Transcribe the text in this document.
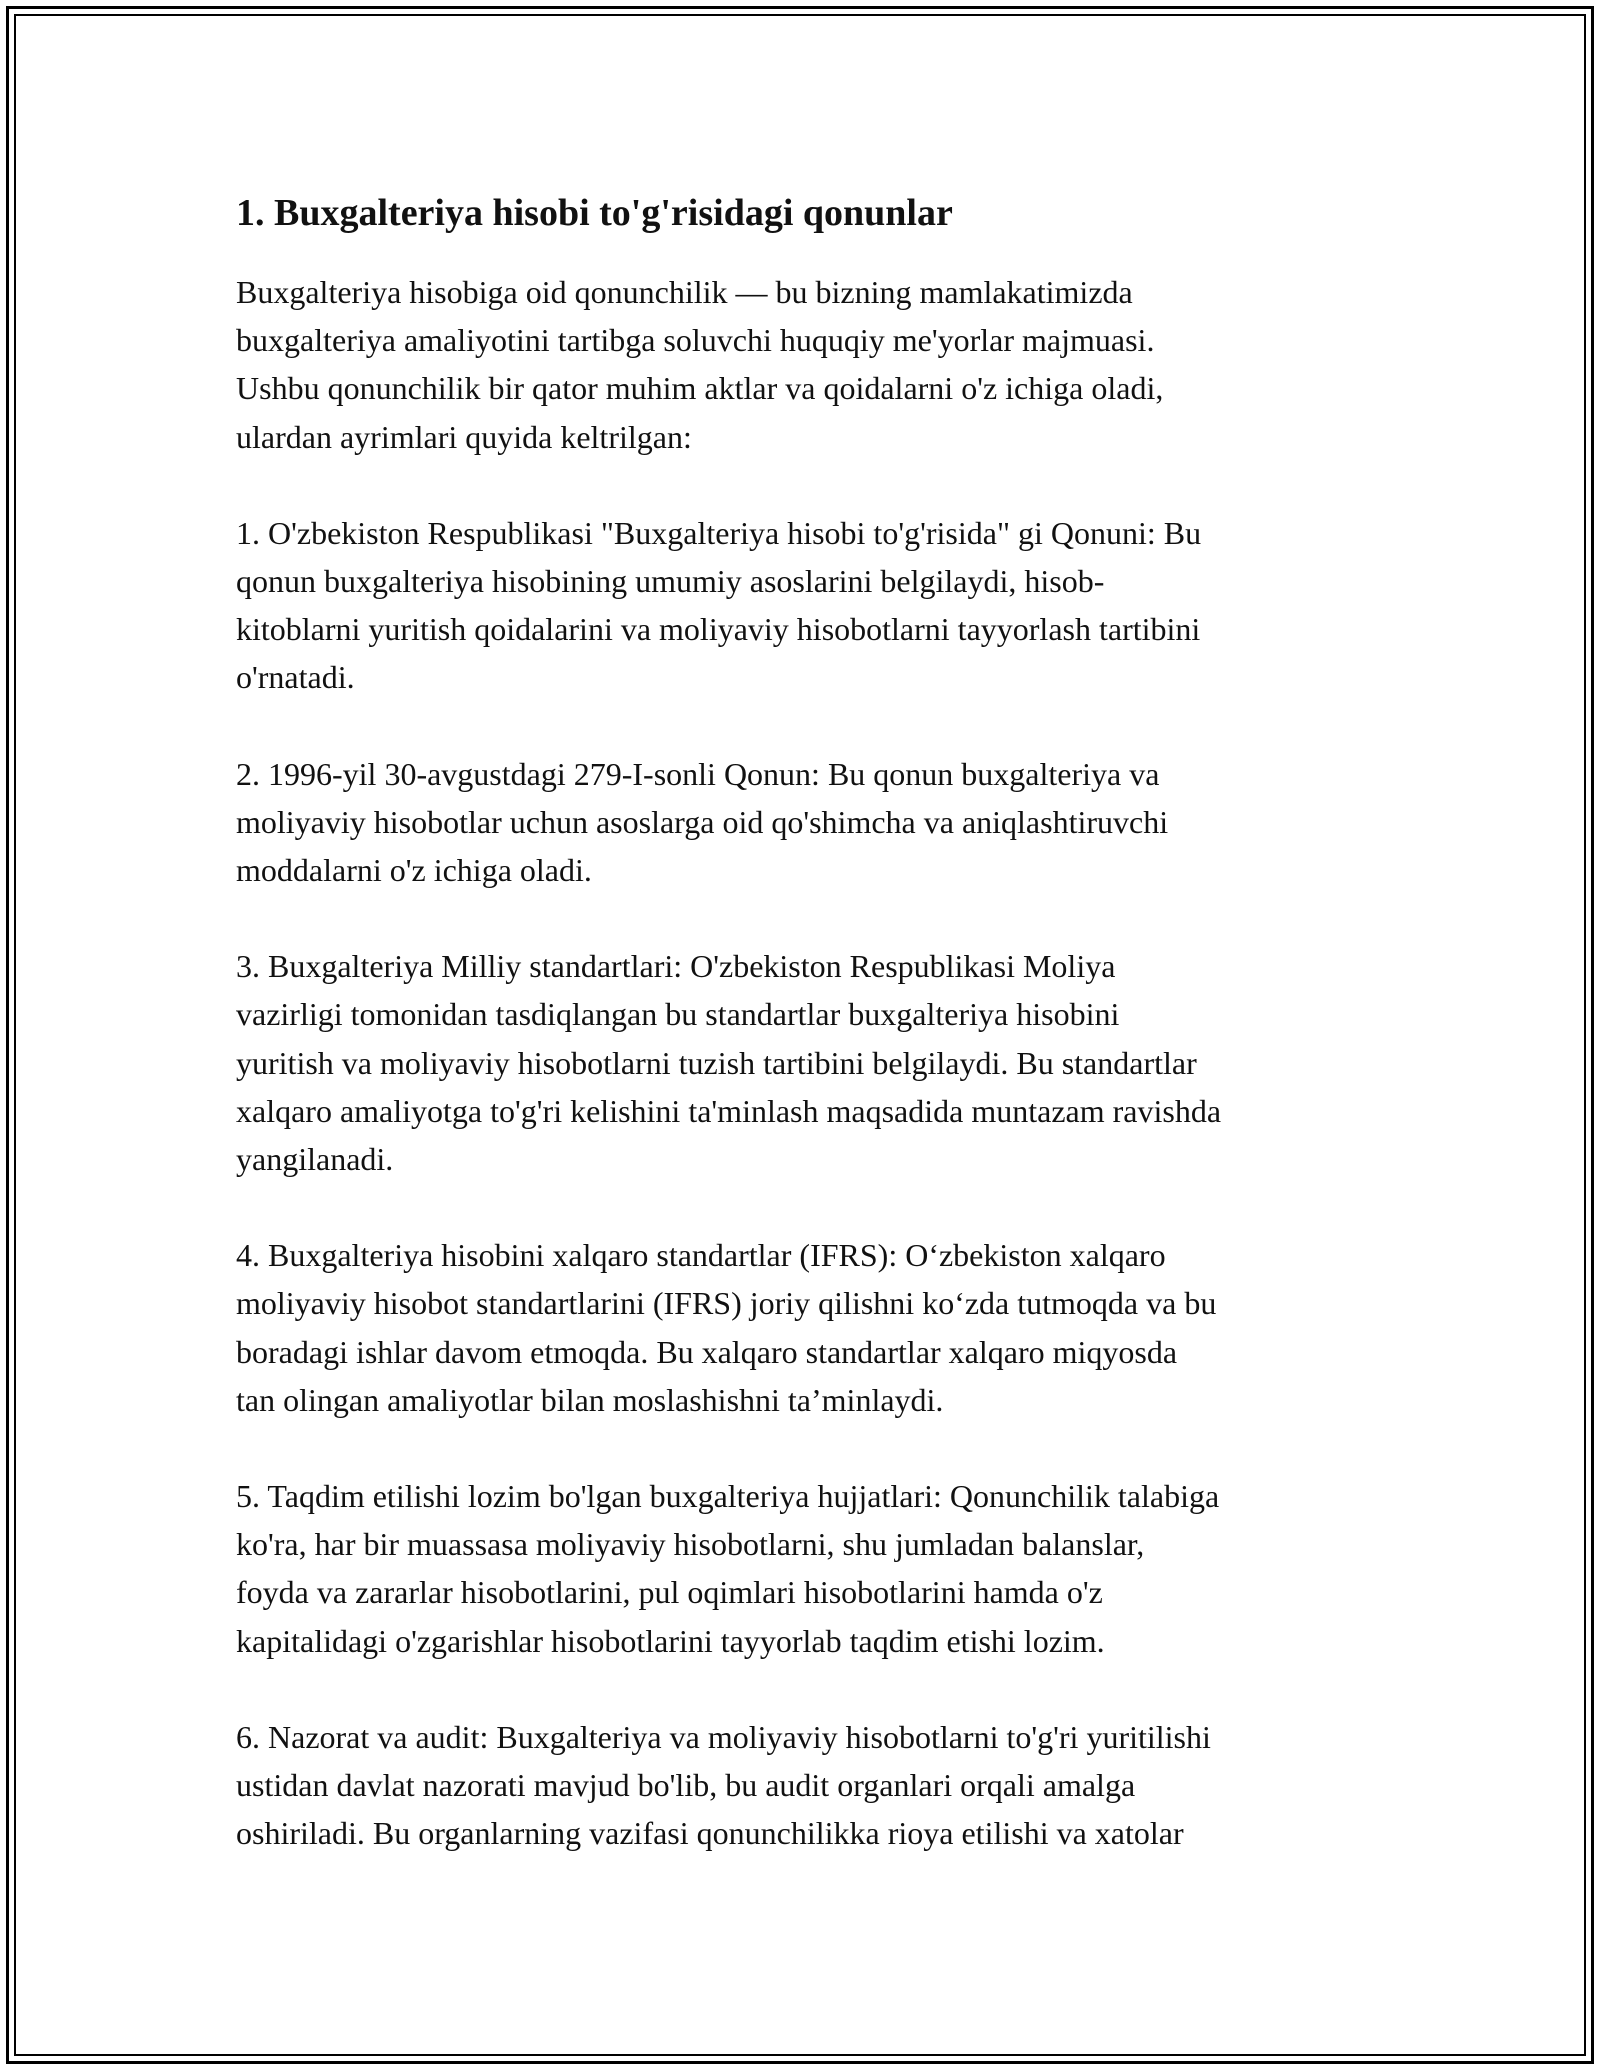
1. Buxgalteriya hisobi to'g'risidagi qonunlar

Buxgalteriya hisobiga oid qonunchilik — bu bizning mamlakatimizda
buxgalteriya amaliyotini tartibga soluvchi huquqiy me'yorlar majmuasi.
Ushbu qonunchilik bir qator muhim aktlar va qoidalarni o'z ichiga oladi,
ulardan ayrimlari quyida keltrilgan:

1. O'zbekiston Respublikasi "Buxgalteriya hisobi to'g'risida" gi Qonuni: Bu
qonun buxgalteriya hisobining umumiy asoslarini belgilaydi, hisob-
kitoblarni yuritish qoidalarini va moliyaviy hisobotlarni tayyorlash tartibini
o'rnatadi.

2. 1996-yil 30-avgustdagi 279-I-sonli Qonun: Bu qonun buxgalteriya va
moliyaviy hisobotlar uchun asoslarga oid qo'shimcha va aniqlashtiruvchi
moddalarni o'z ichiga oladi.

3. Buxgalteriya Milliy standartlari: O'zbekiston Respublikasi Moliya
vazirligi tomonidan tasdiqlangan bu standartlar buxgalteriya hisobini
yuritish va moliyaviy hisobotlarni tuzish tartibini belgilaydi. Bu standartlar
xalqaro amaliyotga to'g'ri kelishini ta'minlash maqsadida muntazam ravishda
yangilanadi.

4. Buxgalteriya hisobini xalqaro standartlar (IFRS): O‘zbekiston xalqaro
moliyaviy hisobot standartlarini (IFRS) joriy qilishni ko‘zda tutmoqda va bu
boradagi ishlar davom etmoqda. Bu xalqaro standartlar xalqaro miqyosda
tan olingan amaliyotlar bilan moslashishni ta’minlaydi.

5. Taqdim etilishi lozim bo'lgan buxgalteriya hujjatlari: Qonunchilik talabiga
ko'ra, har bir muassasa moliyaviy hisobotlarni, shu jumladan balanslar,
foyda va zararlar hisobotlarini, pul oqimlari hisobotlarini hamda o'z
kapitalidagi o'zgarishlar hisobotlarini tayyorlab taqdim etishi lozim.

6. Nazorat va audit: Buxgalteriya va moliyaviy hisobotlarni to'g'ri yuritilishi
ustidan davlat nazorati mavjud bo'lib, bu audit organlari orqali amalga
oshiriladi. Bu organlarning vazifasi qonunchilikka rioya etilishi va xatolar
